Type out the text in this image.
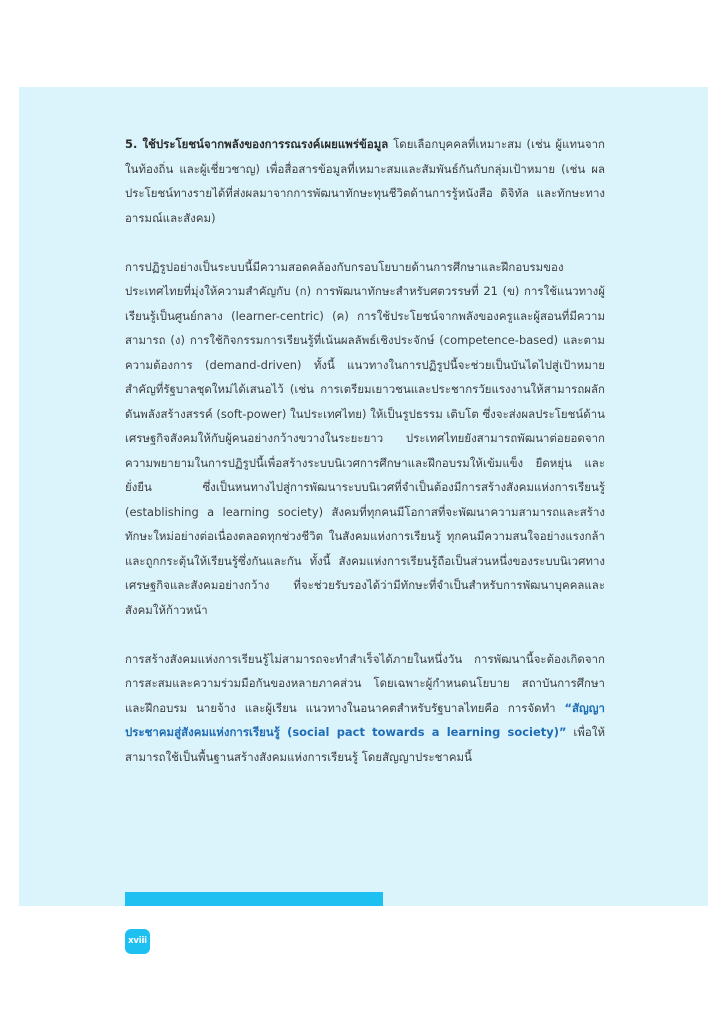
5. ใช้ประโยชน์จากพลังของการรณรงค์เผยแพร่ข้อมูล โดยเลือกบุคคลที่เหมาะสม (เช่น ผู้แทนจากในท้องถิ่น และผู้เชี่ยวชาญ) เพื่อสื่อสารข้อมูลที่เหมาะสมและสัมพันธ์กันกับกลุ่มเป้าหมาย (เช่น ผลประโยชน์ทางรายได้ที่ส่งผลมาจากการพัฒนาทักษะทุนชีวิตด้านการรู้หนังสือ ดิจิทัล และทักษะทางอารมณ์และสังคม)

การปฏิรูปอย่างเป็นระบบนี้มีความสอดคล้องกับกรอบโยบายด้านการศึกษาและฝึกอบรมของประเทศไทยที่มุ่งให้ความสำคัญกับ (ก) การพัฒนาทักษะสำหรับศตวรรษที่ 21 (ข) การใช้แนวทางผู้เรียนรู้เป็นศูนย์กลาง (learner-centric) (ค) การใช้ประโยชน์จากพลังของครูและผู้สอนที่มีความสามารถ (ง) การใช้กิจกรรมการเรียนรู้ที่เน้นผลลัพธ์เชิงประจักษ์ (competence-based) และตามความต้องการ (demand-driven) ทั้งนี้ แนวทางในการปฏิรูปนี้จะช่วยเป็นบันไดไปสู่เป้าหมายสำคัญที่รัฐบาลชุดใหม่ได้เสนอไว้ (เช่น การเตรียมเยาวชนและประชากรวัยแรงงานให้สามารถผลักดันพลังสร้างสรรค์ (soft-power) ในประเทศไทย) ให้เป็นรูปธรรม เติบโต ซึ่งจะส่งผลประโยชน์ด้านเศรษฐกิจสังคมให้กับผู้คนอย่างกว้างขวางในระยะยาว ประเทศไทยยังสามารถพัฒนาต่อยอดจากความพยายามในการปฏิรูปนี้เพื่อสร้างระบบนิเวศการศึกษาและฝึกอบรมให้เข้มแข็ง ยืดหยุ่น และยั่งยืน ซึ่งเป็นหนทางไปสู่การพัฒนาระบบนิเวศที่จำเป็นต้องมีการสร้างสังคมแห่งการเรียนรู้ (establishing a learning society) สังคมที่ทุกคนมีโอกาสที่จะพัฒนาความสามารถและสร้างทักษะใหม่อย่างต่อเนื่องตลอดทุกช่วงชีวิต ในสังคมแห่งการเรียนรู้ ทุกคนมีความสนใจอย่างแรงกล้าและถูกกระตุ้นให้เรียนรู้ซึ่งกันและกัน ทั้งนี้ สังคมแห่งการเรียนรู้ถือเป็นส่วนหนึ่งของระบบนิเวศทางเศรษฐกิจและสังคมอย่างกว้าง ที่จะช่วยรับรองได้ว่ามีทักษะที่จำเป็นสำหรับการพัฒนาบุคคลและสังคมให้ก้าวหน้า

การสร้างสังคมแห่งการเรียนรู้ไม่สามารถจะทำสำเร็จได้ภายในหนึ่งวัน การพัฒนานี้จะต้องเกิดจากการสะสมและความร่วมมือกันของหลายภาคส่วน โดยเฉพาะผู้กำหนดนโยบาย สถาบันการศึกษาและฝึกอบรม นายจ้าง และผู้เรียน แนวทางในอนาคตสำหรับรัฐบาลไทยคือ การจัดทำ “สัญญาประชาคมสู่สังคมแห่งการเรียนรู้ (social pact towards a learning society)” เพื่อให้สามารถใช้เป็นพื้นฐานสร้างสังคมแห่งการเรียนรู้ โดยสัญญาประชาคมนี้

xviii
